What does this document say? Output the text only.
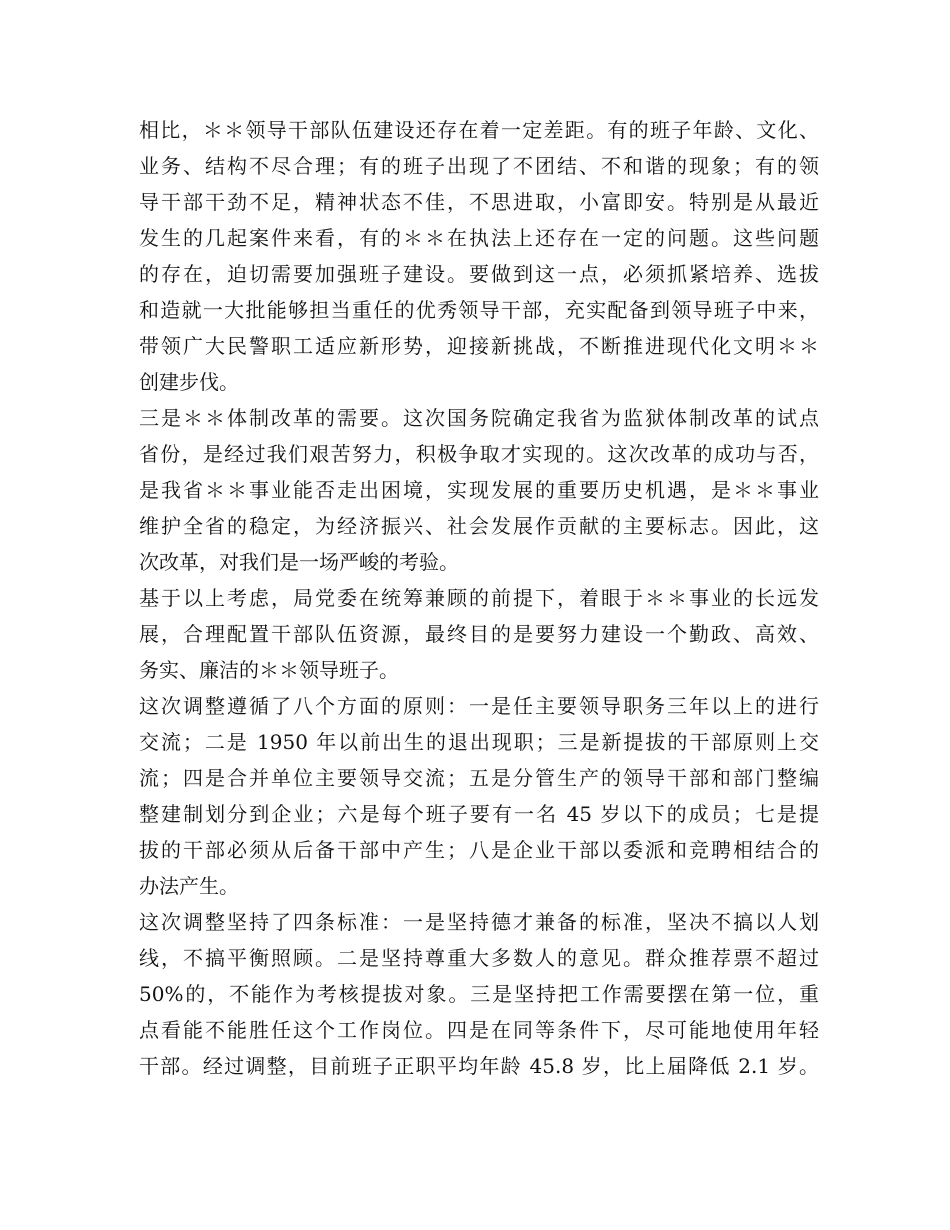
相比，＊＊领导干部队伍建设还存在着一定差距。有的班子年龄、文化、
业务、结构不尽合理；有的班子出现了不团结、不和谐的现象；有的领
导干部干劲不足，精神状态不佳，不思进取，小富即安。特别是从最近
发生的几起案件来看，有的＊＊在执法上还存在一定的问题。这些问题
的存在，迫切需要加强班子建设。要做到这一点，必须抓紧培养、选拔
和造就一大批能够担当重任的优秀领导干部，充实配备到领导班子中来，
带领广大民警职工适应新形势，迎接新挑战，不断推进现代化文明＊＊
创建步伐。
三是＊＊体制改革的需要。这次国务院确定我省为监狱体制改革的试点
省份，是经过我们艰苦努力，积极争取才实现的。这次改革的成功与否，
是我省＊＊事业能否走出困境，实现发展的重要历史机遇，是＊＊事业
维护全省的稳定，为经济振兴、社会发展作贡献的主要标志。因此，这
次改革，对我们是一场严峻的考验。
基于以上考虑，局党委在统筹兼顾的前提下，着眼于＊＊事业的长远发
展，合理配置干部队伍资源，最终目的是要努力建设一个勤政、高效、
务实、廉洁的＊＊领导班子。
这次调整遵循了八个方面的原则：一是任主要领导职务三年以上的进行
交流；二是 1950 年以前出生的退出现职；三是新提拔的干部原则上交
流；四是合并单位主要领导交流；五是分管生产的领导干部和部门整编
整建制划分到企业；六是每个班子要有一名 45 岁以下的成员；七是提
拔的干部必须从后备干部中产生；八是企业干部以委派和竞聘相结合的
办法产生。
这次调整坚持了四条标准：一是坚持德才兼备的标准，坚决不搞以人划
线，不搞平衡照顾。二是坚持尊重大多数人的意见。群众推荐票不超过
50%的，不能作为考核提拔对象。三是坚持把工作需要摆在第一位，重
点看能不能胜任这个工作岗位。四是在同等条件下，尽可能地使用年轻
干部。经过调整，目前班子正职平均年龄 45.8 岁，比上届降低 2.1 岁。
